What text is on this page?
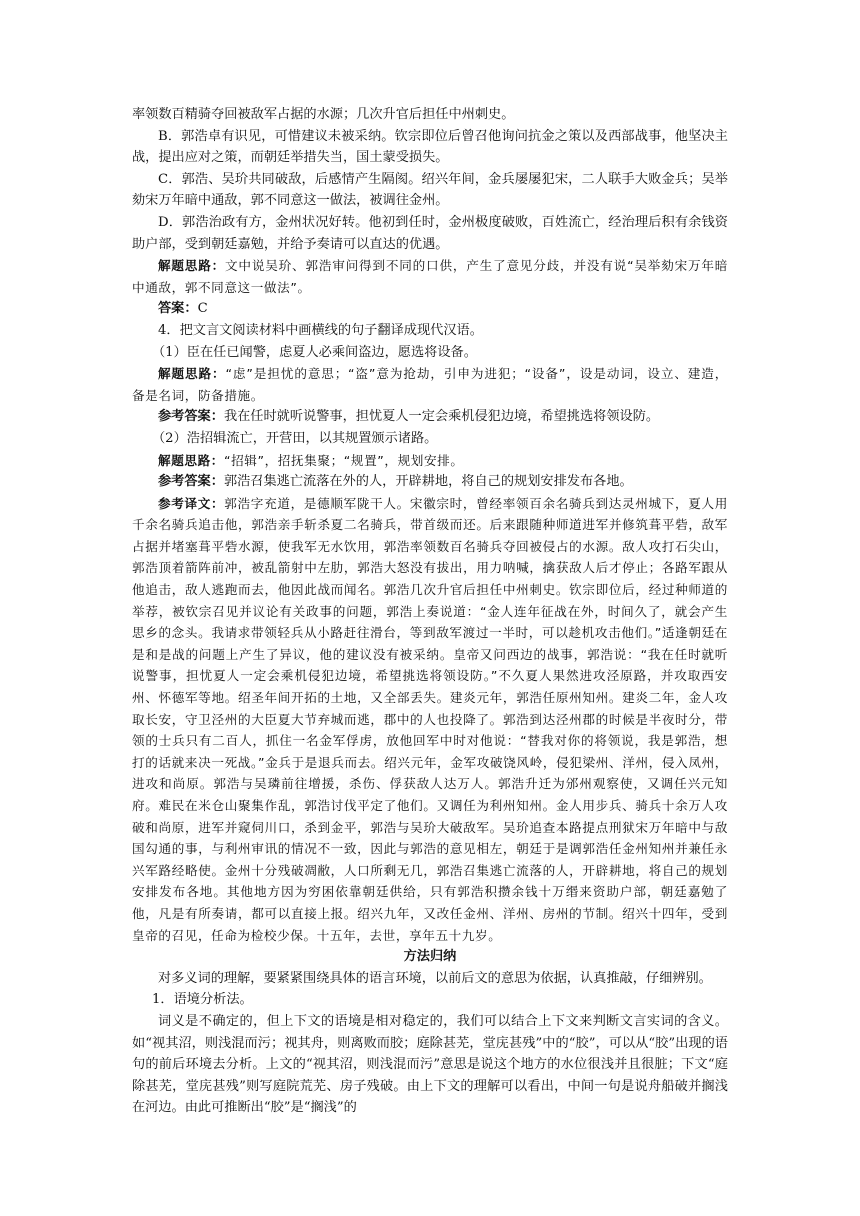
率领数百精骑夺回被敌军占据的水源；几次升官后担任中州刺史。

B．郭浩卓有识见，可惜建议未被采纳。钦宗即位后曾召他询问抗金之策以及西部战事，他坚决主战，提出应对之策，而朝廷举措失当，国土蒙受损失。

C．郭浩、吴玠共同破敌，后感情产生隔阂。绍兴年间，金兵屡屡犯宋，二人联手大败金兵；吴举劾宋万年暗中通敌，郭不同意这一做法，被调往金州。

D．郭浩治政有方，金州状况好转。他初到任时，金州极度破败，百姓流亡，经治理后积有余钱资助户部，受到朝廷嘉勉，并给予奏请可以直达的优遇。

解题思路：文中说吴玠、郭浩审问得到不同的口供，产生了意见分歧，并没有说“吴举劾宋万年暗中通敌，郭不同意这一做法”。

答案：C

4．把文言文阅读材料中画横线的句子翻译成现代汉语。

（1）臣在任已闻警，虑夏人必乘间盗边，愿选将设备。

解题思路：“虑”是担忧的意思；“盗”意为抢劫，引申为进犯；“设备”，设是动词，设立、建造，备是名词，防备措施。

参考答案：我在任时就听说警事，担忧夏人一定会乘机侵犯边境，希望挑选将领设防。

（2）浩招辑流亡，开营田，以其规置颁示诸路。

解题思路：“招辑”，招抚集聚；“规置”，规划安排。

参考答案：郭浩召集逃亡流落在外的人，开辟耕地，将自己的规划安排发布各地。

参考译文：郭浩字充道，是德顺军陇干人。宋徽宗时，曾经率领百余名骑兵到达灵州城下，夏人用千余名骑兵追击他，郭浩亲手斩杀夏二名骑兵，带首级而还。后来跟随种师道进军并修筑葺平砦，敌军占据并堵塞葺平砦水源，使我军无水饮用，郭浩率领数百名骑兵夺回被侵占的水源。敌人攻打石尖山，郭浩顶着箭阵前冲，被乱箭射中左肋，郭浩大怒没有拔出，用力呐喊，擒获敌人后才停止；各路军跟从他追击，敌人逃跑而去，他因此战而闻名。郭浩几次升官后担任中州刺史。钦宗即位后，经过种师道的举荐，被钦宗召见并议论有关政事的问题，郭浩上奏说道：“金人连年征战在外，时间久了，就会产生思乡的念头。我请求带领轻兵从小路赶往滑台，等到敌军渡过一半时，可以趁机攻击他们。”适逢朝廷在是和是战的问题上产生了异议，他的建议没有被采纳。皇帝又问西边的战事，郭浩说：“我在任时就听说警事，担忧夏人一定会乘机侵犯边境，希望挑选将领设防。”不久夏人果然进攻泾原路，并攻取西安州、怀德军等地。绍圣年间开拓的土地，又全部丢失。建炎元年，郭浩任原州知州。建炎二年，金人攻取长安，守卫泾州的大臣夏大节弃城而逃，郡中的人也投降了。郭浩到达泾州郡的时候是半夜时分，带领的士兵只有二百人，抓住一名金军俘虏，放他回军中时对他说：“替我对你的将领说，我是郭浩，想打的话就来决一死战。”金兵于是退兵而去。绍兴元年，金军攻破饶风岭，侵犯梁州、洋州，侵入凤州，进攻和尚原。郭浩与吴璘前往增援，杀伤、俘获敌人达万人。郭浩升迁为邠州观察使，又调任兴元知府。难民在米仓山聚集作乱，郭浩讨伐平定了他们。又调任为利州知州。金人用步兵、骑兵十余万人攻破和尚原，进军并窥伺川口，杀到金平，郭浩与吴玠大破敌军。吴玠追查本路提点刑狱宋万年暗中与敌国勾通的事，与利州审讯的情况不一致，因此与郭浩的意见相左，朝廷于是调郭浩任金州知州并兼任永兴军路经略使。金州十分残破凋敝，人口所剩无几，郭浩召集逃亡流落的人，开辟耕地，将自己的规划安排发布各地。其他地方因为穷困依靠朝廷供给，只有郭浩积攒余钱十万缗来资助户部，朝廷嘉勉了他，凡是有所奏请，都可以直接上报。绍兴九年，又改任金州、洋州、房州的节制。绍兴十四年，受到皇帝的召见，任命为检校少保。十五年，去世，享年五十九岁。

方法归纳

对多义词的理解，要紧紧围绕具体的语言环境，以前后文的意思为依据，认真推敲，仔细辨别。

1．语境分析法。

词义是不确定的，但上下文的语境是相对稳定的，我们可以结合上下文来判断文言实词的含义。如“视其沼，则浅混而污；视其舟，则离败而胶；庭除甚芜，堂庑甚残”中的“胶”，可以从“胶”出现的语句的前后环境去分析。上文的“视其沼，则浅混而污”意思是说这个地方的水位很浅并且很脏；下文“庭除甚芜，堂庑甚残”则写庭院荒芜、房子残破。由上下文的理解可以看出，中间一句是说舟船破并搁浅在河边。由此可推断出“胶”是“搁浅”的
